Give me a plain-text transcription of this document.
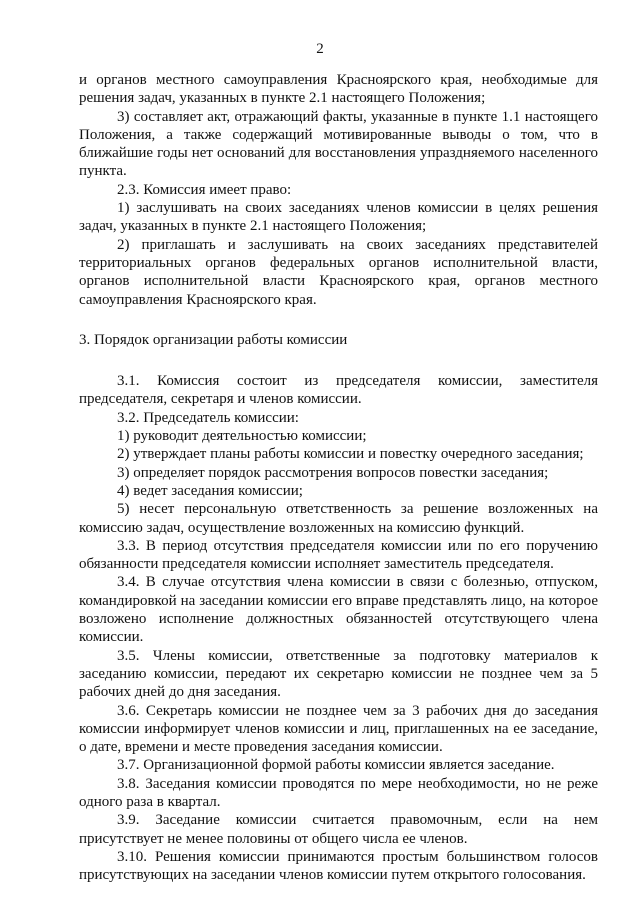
2

и органов местного самоуправления Красноярского края, необходимые для решения задач, указанных в пункте 2.1 настоящего Положения;

3) составляет акт, отражающий факты, указанные в пункте 1.1 настоящего Положения, а также содержащий мотивированные выводы о том, что в ближайшие годы нет оснований для восстановления упраздняемого населенного пункта.

2.3. Комиссия имеет право:

1) заслушивать на своих заседаниях членов комиссии в целях решения задач, указанных в пункте 2.1 настоящего Положения;

2) приглашать и заслушивать на своих заседаниях представителей территориальных органов федеральных органов исполнительной власти, органов исполнительной власти Красноярского края, органов местного самоуправления Красноярского края.

3. Порядок организации работы комиссии

3.1. Комиссия состоит из председателя комиссии, заместителя председателя, секретаря и членов комиссии.

3.2. Председатель комиссии:

1) руководит деятельностью комиссии;

2) утверждает планы работы комиссии и повестку очередного заседания;

3) определяет порядок рассмотрения вопросов повестки заседания;

4) ведет заседания комиссии;

5) несет персональную ответственность за решение возложенных на комиссию задач, осуществление возложенных на комиссию функций.

3.3. В период отсутствия председателя комиссии или по его поручению обязанности председателя комиссии исполняет заместитель председателя.

3.4. В случае отсутствия члена комиссии в связи с болезнью, отпуском, командировкой на заседании комиссии его вправе представлять лицо, на которое возложено исполнение должностных обязанностей отсутствующего члена комиссии.

3.5. Члены комиссии, ответственные за подготовку материалов к заседанию комиссии, передают их секретарю комиссии не позднее чем за 5 рабочих дней до дня заседания.

3.6. Секретарь комиссии не позднее чем за 3 рабочих дня до заседания комиссии информирует членов комиссии и лиц, приглашенных на ее заседание, о дате, времени и месте проведения заседания комиссии.

3.7. Организационной формой работы комиссии является заседание.

3.8. Заседания комиссии проводятся по мере необходимости, но не реже одного раза в квартал.

3.9. Заседание комиссии считается правомочным, если на нем присутствует не менее половины от общего числа ее членов.

3.10. Решения комиссии принимаются простым большинством голосов присутствующих на заседании членов комиссии путем открытого голосования.
